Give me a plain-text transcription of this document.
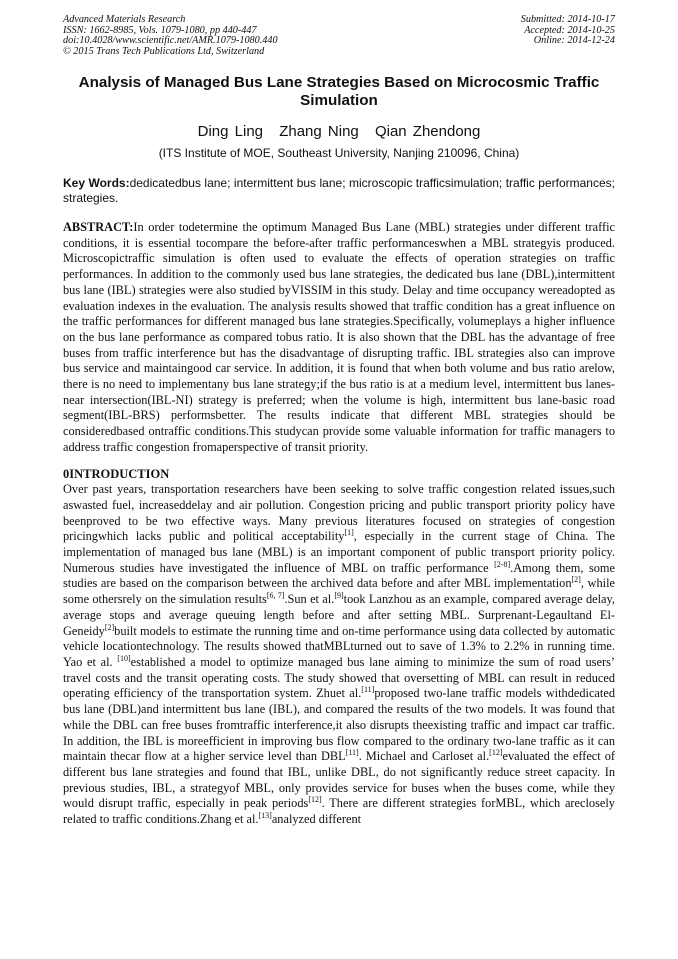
Advanced Materials Research
ISSN: 1662-8985, Vols. 1079-1080, pp 440-447
doi:10.4028/www.scientific.net/AMR.1079-1080.440
© 2015 Trans Tech Publications Ltd, Switzerland
Submitted: 2014-10-17
Accepted: 2014-10-25
Online: 2014-12-24
Analysis of Managed Bus Lane Strategies Based on Microcosmic Traffic Simulation
Ding Ling Zhang Ning Qian Zhendong
(ITS Institute of MOE, Southeast University, Nanjing 210096, China)
Key Words:dedicatedbus lane; intermittent bus lane; microscopic trafficsimulation; traffic performances; strategies.
ABSTRACT:In order todetermine the optimum Managed Bus Lane (MBL) strategies under different traffic conditions, it is essential tocompare the before-after traffic performanceswhen a MBL strategyis produced. Microscopictraffic simulation is often used to evaluate the effects of operation strategies on traffic performances. In addition to the commonly used bus lane strategies, the dedicated bus lane (DBL),intermittent bus lane (IBL) strategies were also studied byVISSIM in this study. Delay and time occupancy wereadopted as evaluation indexes in the evaluation. The analysis results showed that traffic condition has a great influence on the traffic performances for different managed bus lane strategies.Specifically, volumeplays a higher influence on the bus lane performance as compared tobus ratio. It is also shown that the DBL has the advantage of free buses from traffic interference but has the disadvantage of disrupting traffic. IBL strategies also can improve bus service and maintaingood car service. In addition, it is found that when both volume and bus ratio arelow, there is no need to implementany bus lane strategy;if the bus ratio is at a medium level, intermittent bus lanes-near intersection(IBL-NI) strategy is preferred; when the volume is high, intermittent bus lane-basic road segment(IBL-BRS) performsbetter. The results indicate that different MBL strategies should be consideredbased ontraffic conditions.This studycan provide some valuable information for traffic managers to address traffic congestion fromaperspective of transit priority.
0INTRODUCTION
Over past years, transportation researchers have been seeking to solve traffic congestion related issues,such aswasted fuel, increaseddelay and air pollution. Congestion pricing and public transport priority policy have beenproved to be two effective ways. Many previous literatures focused on strategies of congestion pricingwhich lacks public and political acceptability[1], especially in the current stage of China. The implementation of managed bus lane (MBL) is an important component of public transport priority policy. Numerous studies have investigated the influence of MBL on traffic performance [2-8].Among them, some studies are based on the comparison between the archived data before and after MBL implementation[2], while some othersrely on the simulation results[6, 7].Sun et al.[9]took Lanzhou as an example, compared average delay, average stops and average queuing length before and after setting MBL. Surprenant-Legaultand El-Geneidy[2]built models to estimate the running time and on-time performance using data collected by automatic vehicle locationtechnology. The results showed thatMBLturned out to save of 1.3% to 2.2% in running time. Yao et al. [10]established a model to optimize managed bus lane aiming to minimize the sum of road users’ travel costs and the transit operating costs. The study showed that oversetting of MBL can result in reduced operating efficiency of the transportation system. Zhuet al.[11]proposed two-lane traffic models withdedicated bus lane (DBL)and intermittent bus lane (IBL), and compared the results of the two models. It was found that while the DBL can free buses fromtraffic interference,it also disrupts theexisting traffic and impact car traffic. In addition, the IBL is moreefficient in improving bus flow compared to the ordinary two-lane traffic as it can maintain thecar flow at a higher service level than DBL[11]. Michael and Carloset al.[12]evaluated the effect of different bus lane strategies and found that IBL, unlike DBL, do not significantly reduce street capacity. In previous studies, IBL, a strategyof MBL, only provides service for buses when the buses come, while they would disrupt traffic, especially in peak periods[12]. There are different strategies forMBL, which areclosely related to traffic conditions.Zhang et al.[13]analyzed different
